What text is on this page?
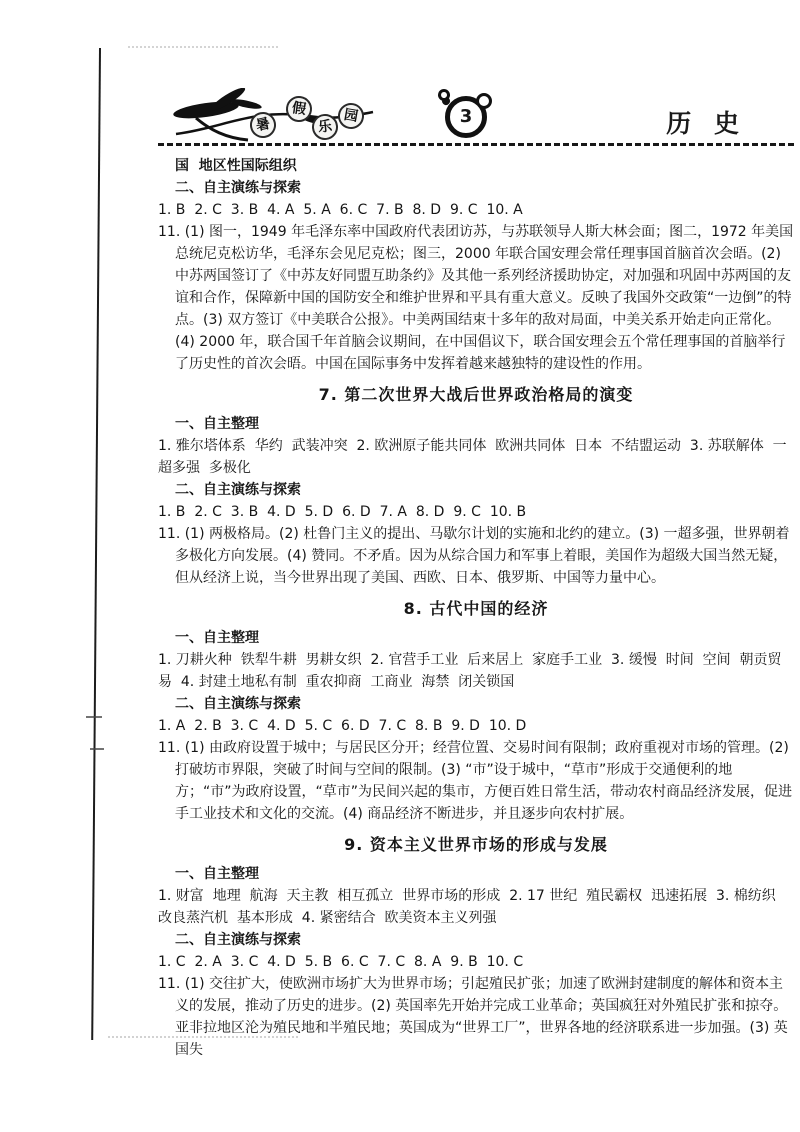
暑
假
乐
园	3	历 史

国  地区性国际组织

二、自主演练与探索

1. B  2. C  3. B  4. A  5. A  6. C  7. B  8. D  9. C  10. A

11. (1) 图一，1949 年毛泽东率中国政府代表团访苏，与苏联领导人斯大林会面；图二，1972 年美国总统尼克松访华，毛泽东会见尼克松；图三，2000 年联合国安理会常任理事国首脑首次会晤。(2) 中苏两国签订了《中苏友好同盟互助条约》及其他一系列经济援助协定，对加强和巩固中苏两国的友谊和合作，保障新中国的国防安全和维护世界和平具有重大意义。反映了我国外交政策“一边倒”的特点。(3) 双方签订《中美联合公报》。中美两国结束十多年的敌对局面，中美关系开始走向正常化。(4) 2000 年，联合国千年首脑会议期间，在中国倡议下，联合国安理会五个常任理事国的首脑举行了历史性的首次会晤。中国在国际事务中发挥着越来越独特的建设性的作用。

7. 第二次世界大战后世界政治格局的演变

一、自主整理

1. 雅尔塔体系  华约  武装冲突  2. 欧洲原子能共同体  欧洲共同体  日本  不结盟运动  3. 苏联解体  一超多强  多极化

二、自主演练与探索

1. B  2. C  3. B  4. D  5. D  6. D  7. A  8. D  9. C  10. B

11. (1) 两极格局。(2) 杜鲁门主义的提出、马歇尔计划的实施和北约的建立。(3) 一超多强，世界朝着多极化方向发展。(4) 赞同。不矛盾。因为从综合国力和军事上着眼，美国作为超级大国当然无疑，但从经济上说，当今世界出现了美国、西欧、日本、俄罗斯、中国等力量中心。

8. 古代中国的经济

一、自主整理

1. 刀耕火种  铁犁牛耕  男耕女织  2. 官营手工业  后来居上  家庭手工业  3. 缓慢  时间  空间  朝贡贸易  4. 封建土地私有制  重农抑商  工商业  海禁  闭关锁国

二、自主演练与探索

1. A  2. B  3. C  4. D  5. C  6. D  7. C  8. B  9. D  10. D

11. (1) 由政府设置于城中；与居民区分开；经营位置、交易时间有限制；政府重视对市场的管理。(2) 打破坊市界限，突破了时间与空间的限制。(3) “市”设于城中，“草市”形成于交通便利的地方；“市”为政府设置，“草市”为民间兴起的集市，方便百姓日常生活，带动农村商品经济发展，促进手工业技术和文化的交流。(4) 商品经济不断进步，并且逐步向农村扩展。

9. 资本主义世界市场的形成与发展

一、自主整理

1. 财富  地理  航海  天主教  相互孤立  世界市场的形成  2. 17 世纪  殖民霸权  迅速拓展  3. 棉纺织  改良蒸汽机  基本形成  4. 紧密结合  欧美资本主义列强

二、自主演练与探索

1. C  2. A  3. C  4. D  5. B  6. C  7. C  8. A  9. B  10. C

11. (1) 交往扩大，使欧洲市场扩大为世界市场；引起殖民扩张；加速了欧洲封建制度的解体和资本主义的发展，推动了历史的进步。(2) 英国率先开始并完成工业革命；英国疯狂对外殖民扩张和掠夺。亚非拉地区沦为殖民地和半殖民地；英国成为“世界工厂”，世界各地的经济联系进一步加强。(3) 英国失
